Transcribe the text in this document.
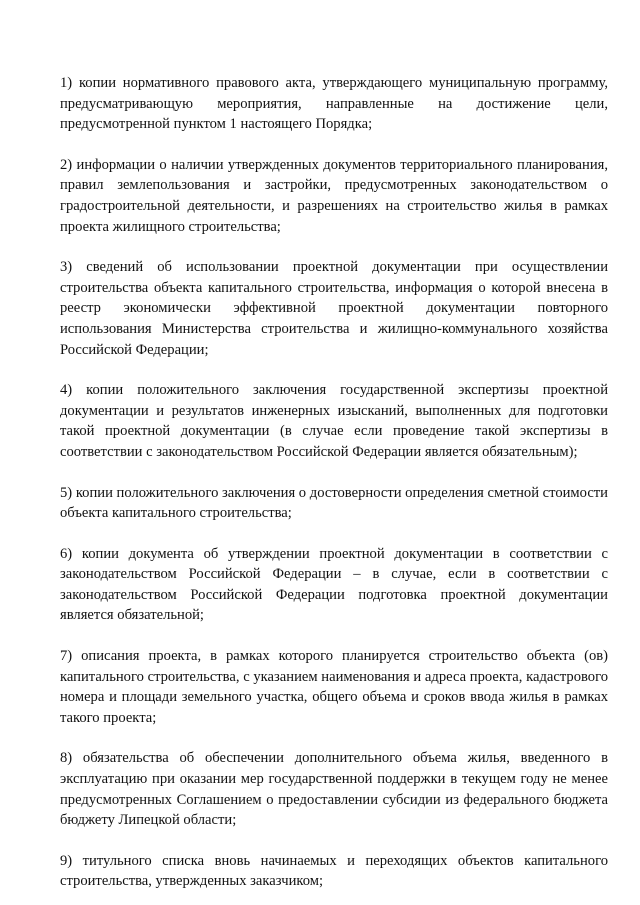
1) копии нормативного правового акта, утверждающего муниципальную программу, предусматривающую мероприятия, направленные на достижение цели, предусмотренной пунктом 1 настоящего Порядка;

2) информации о наличии утвержденных документов территориального планирования, правил землепользования и застройки, предусмотренных законодательством о градостроительной деятельности, и разрешениях на строительство жилья в рамках проекта жилищного строительства;

3) сведений об использовании проектной документации при осуществлении строительства объекта капитального строительства, информация о которой внесена в реестр экономически эффективной проектной документации повторного использования Министерства строительства и жилищно-коммунального хозяйства Российской Федерации;

4) копии положительного заключения государственной экспертизы проектной документации и результатов инженерных изысканий, выполненных для подготовки такой проектной документации (в случае если проведение такой экспертизы в соответствии с законодательством Российской Федерации является обязательным);

5) копии положительного заключения о достоверности определения сметной стоимости объекта капитального строительства;

6) копии документа об утверждении проектной документации в соответствии с законодательством Российской Федерации – в случае, если в соответствии с законодательством Российской Федерации подготовка проектной документации является обязательной;

7) описания проекта, в рамках которого планируется строительство объекта (ов) капитального строительства, с указанием наименования и адреса проекта, кадастрового номера и площади земельного участка, общего объема и сроков ввода жилья в рамках такого проекта;

8) обязательства об обеспечении дополнительного объема жилья, введенного в эксплуатацию при оказании мер государственной поддержки в текущем году не менее предусмотренных Соглашением о предоставлении субсидии из федерального бюджета бюджету Липецкой области;

9) титульного списка вновь начинаемых и переходящих объектов капитального строительства, утвержденных заказчиком;
